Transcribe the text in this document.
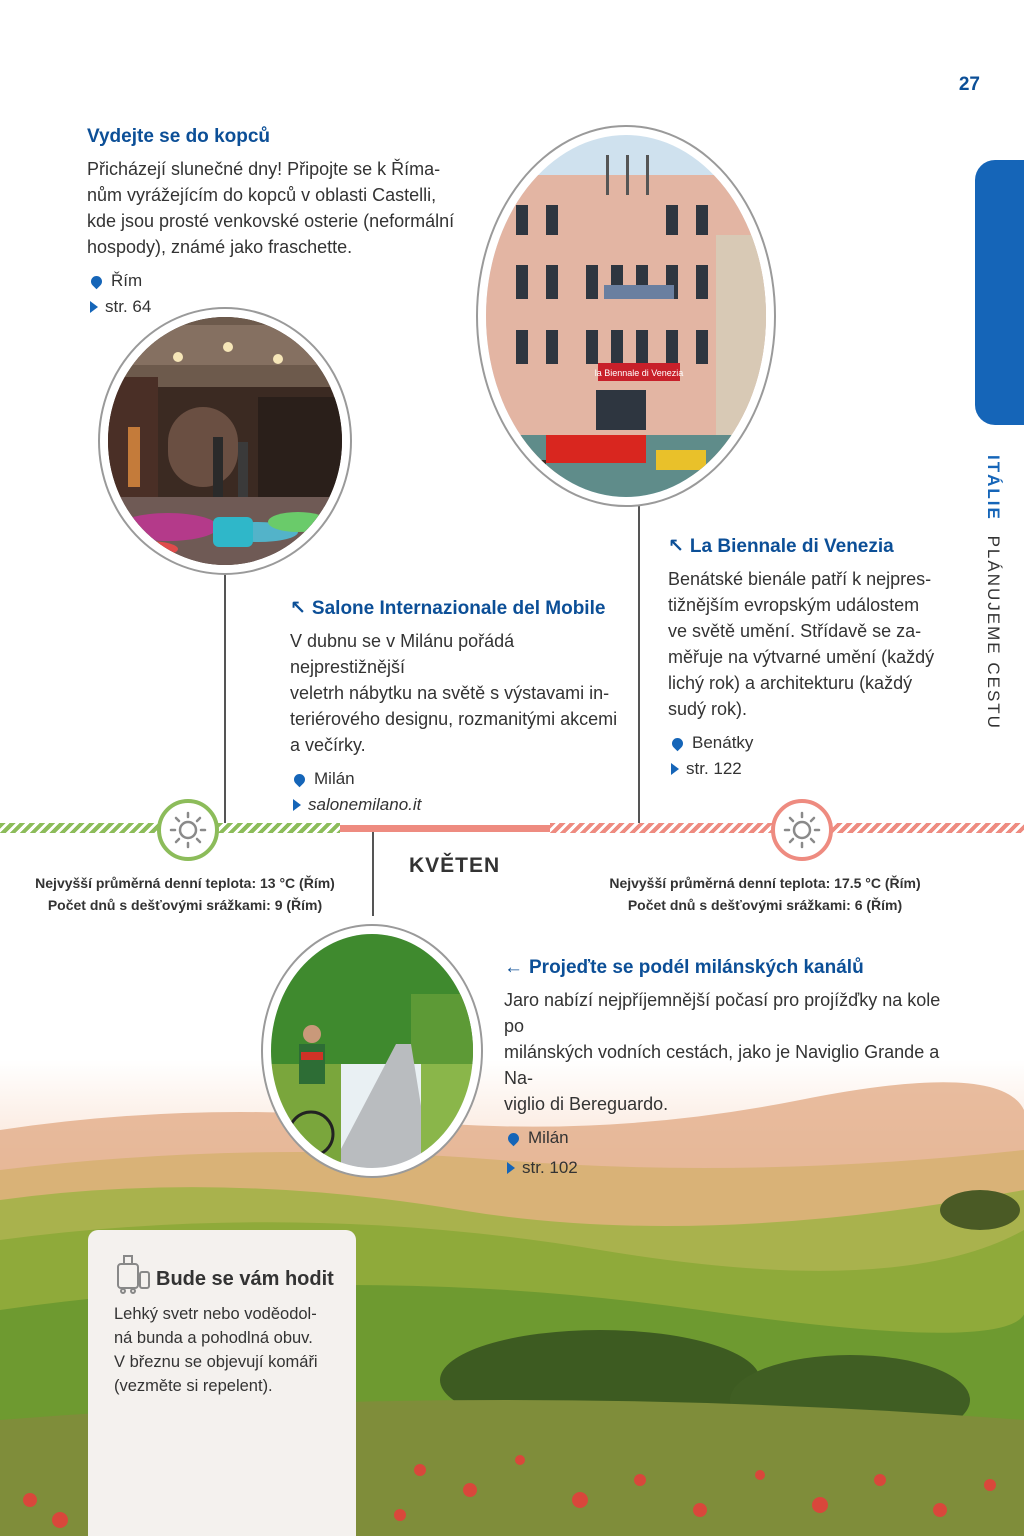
27
ITÁLIE PLÁNUJEME CESTU
Vydejte se do kopců

Přicházejí slunečné dny! Připojte se k Říma-
nům vyrážejícím do kopců v oblasti Castelli,
kde jsou prosté venkovské osterie (neformální
hospody), známé jako fraschette.

Řím
str. 64
la Biennale di Venezia
↖ Salone Internazionale del Mobile

V dubnu se v Milánu pořádá nejprestižnější
veletrh nábytku na světě s výstavami in-
teriérového designu, rozmanitými akcemi
a večírky.

Milán
salonemilano.it
↖ La Biennale di Venezia

Benátské bienále patří k nejpres-
tižnějším evropským událostem
ve světě umění. Střídavě se za-
měřuje na výtvarné umění (každý
lichý rok) a architekturu (každý
sudý rok).

Benátky
str. 122
KVĚTEN
Nejvyšší průměrná denní teplota: 13 °C (Řím)
Počet dnů s dešťovými srážkami: 9 (Řím)
Nejvyšší průměrná denní teplota: 17.5 °C (Řím)
Počet dnů s dešťovými srážkami: 6 (Řím)
← Projeďte se podél milánských kanálů

Jaro nabízí nejpříjemnější počasí pro projížďky na kole po
milánských vodních cestách, jako je Naviglio Grande a Na-
viglio di Bereguardo.

Milán
str. 102
Bude se vám hodit

Lehký svetr nebo voděodol-
ná bunda a pohodlná obuv.
V březnu se objevují komáři
(vezměte si repelent).
